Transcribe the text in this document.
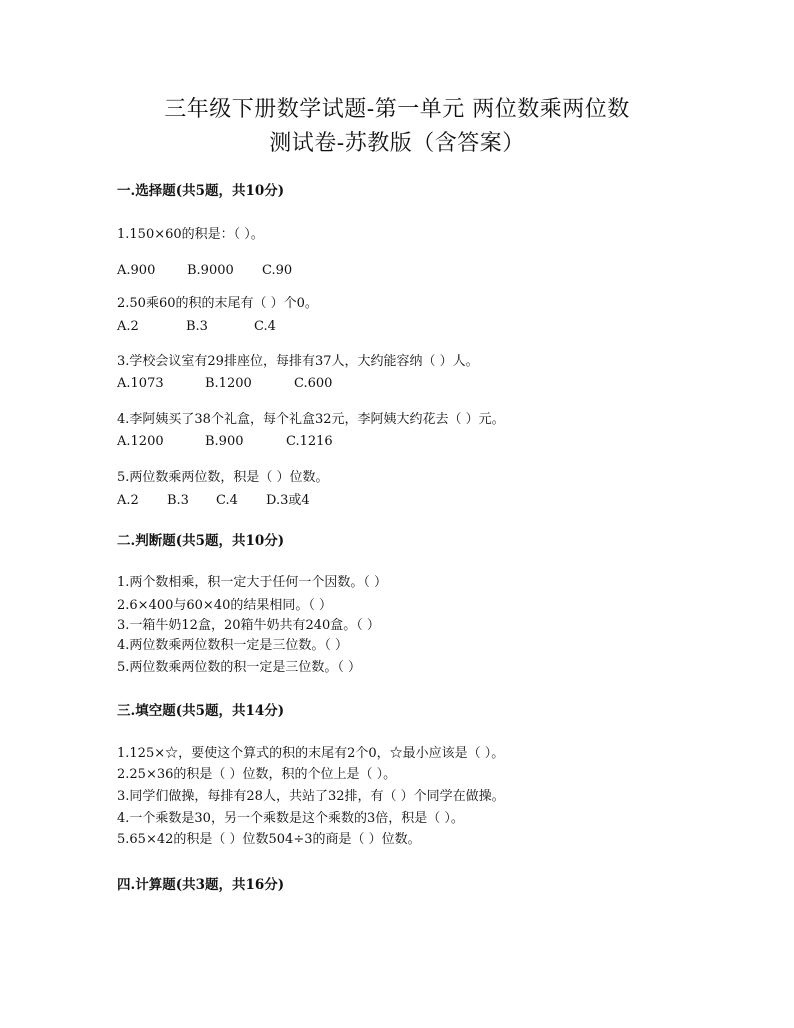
三年级下册数学试题-第一单元 两位数乘两位数
测试卷-苏教版（含答案）
一.选择题(共5题，共10分)
1.150×60的积是：（ ）。
A.900 B.9000 C.90
2.50乘60的积的末尾有（ ）个0。
A.2	B.3	C.4
3.学校会议室有29排座位，每排有37人，大约能容纳（ ）人。
A.1073	B.1200	C.600
4.李阿姨买了38个礼盒，每个礼盒32元，李阿姨大约花去（ ）元。
A.1200	B.900	C.1216
5.两位数乘两位数，积是（ ）位数。
A.2 B.3 C.4 D.3或4
二.判断题(共5题，共10分)
1.两个数相乘，积一定大于任何一个因数。（ ）
2.6×400与60×40的结果相同。（ ）
3.一箱牛奶12盒，20箱牛奶共有240盒。（ ）
4.两位数乘两位数积一定是三位数。（ ）
5.两位数乘两位数的积一定是三位数。（ ）
三.填空题(共5题，共14分)
1.125×☆，要使这个算式的积的末尾有2个0，☆最小应该是（ ）。
2.25×36的积是（ ）位数，积的个位上是（ ）。
3.同学们做操，每排有28人，共站了32排，有（ ）个同学在做操。
4.一个乘数是30，另一个乘数是这个乘数的3倍，积是（ ）。
5.65×42的积是（ ）位数504÷3的商是（ ）位数。
四.计算题(共3题，共16分)
